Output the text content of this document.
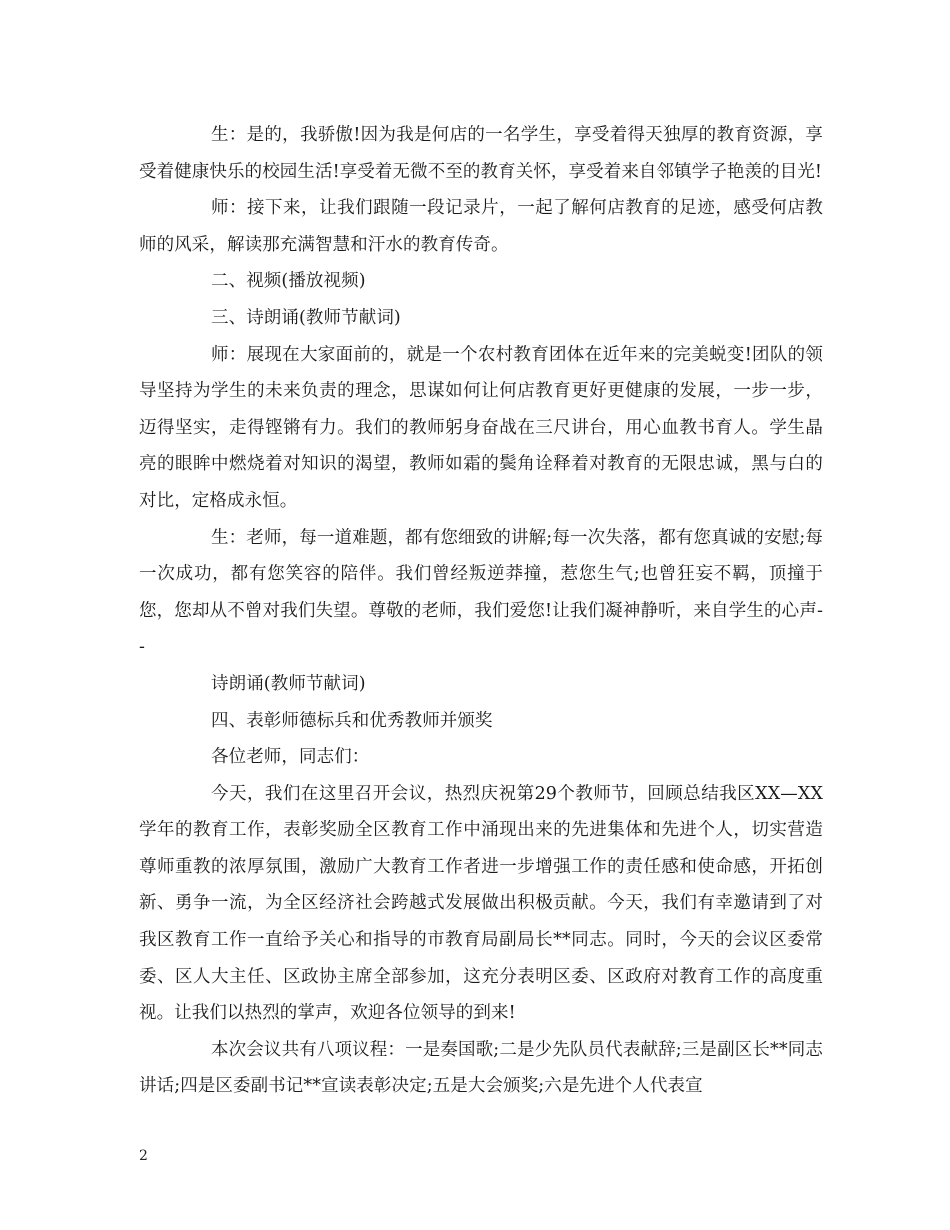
生：是的，我骄傲!因为我是何店的一名学生，享受着得天独厚的教育资源，享受着健康快乐的校园生活!享受着无微不至的教育关怀，享受着来自邻镇学子艳羡的目光!

师：接下来，让我们跟随一段记录片，一起了解何店教育的足迹，感受何店教师的风采，解读那充满智慧和汗水的教育传奇。

二、视频(播放视频)

三、诗朗诵(教师节献词)

师：展现在大家面前的，就是一个农村教育团体在近年来的完美蜕变!团队的领导坚持为学生的未来负责的理念，思谋如何让何店教育更好更健康的发展，一步一步，迈得坚实，走得铿锵有力。我们的教师躬身奋战在三尺讲台，用心血教书育人。学生晶亮的眼眸中燃烧着对知识的渴望，教师如霜的鬓角诠释着对教育的无限忠诚，黑与白的对比，定格成永恒。

生：老师，每一道难题，都有您细致的讲解;每一次失落，都有您真诚的安慰;每一次成功，都有您笑容的陪伴。我们曾经叛逆莽撞，惹您生气;也曾狂妄不羁，顶撞于您，您却从不曾对我们失望。尊敬的老师，我们爱您!让我们凝神静听，来自学生的心声--

诗朗诵(教师节献词)

四、表彰师德标兵和优秀教师并颁奖

各位老师，同志们：

今天，我们在这里召开会议，热烈庆祝第29个教师节，回顾总结我区XX—XX学年的教育工作，表彰奖励全区教育工作中涌现出来的先进集体和先进个人，切实营造尊师重教的浓厚氛围，激励广大教育工作者进一步增强工作的责任感和使命感，开拓创新、勇争一流，为全区经济社会跨越式发展做出积极贡献。今天，我们有幸邀请到了对我区教育工作一直给予关心和指导的市教育局副局长**同志。同时，今天的会议区委常委、区人大主任、区政协主席全部参加，这充分表明区委、区政府对教育工作的高度重视。让我们以热烈的掌声，欢迎各位领导的到来!

本次会议共有八项议程：一是奏国歌;二是少先队员代表献辞;三是副区长**同志讲话;四是区委副书记**宣读表彰决定;五是大会颁奖;六是先进个人代表宣

2
